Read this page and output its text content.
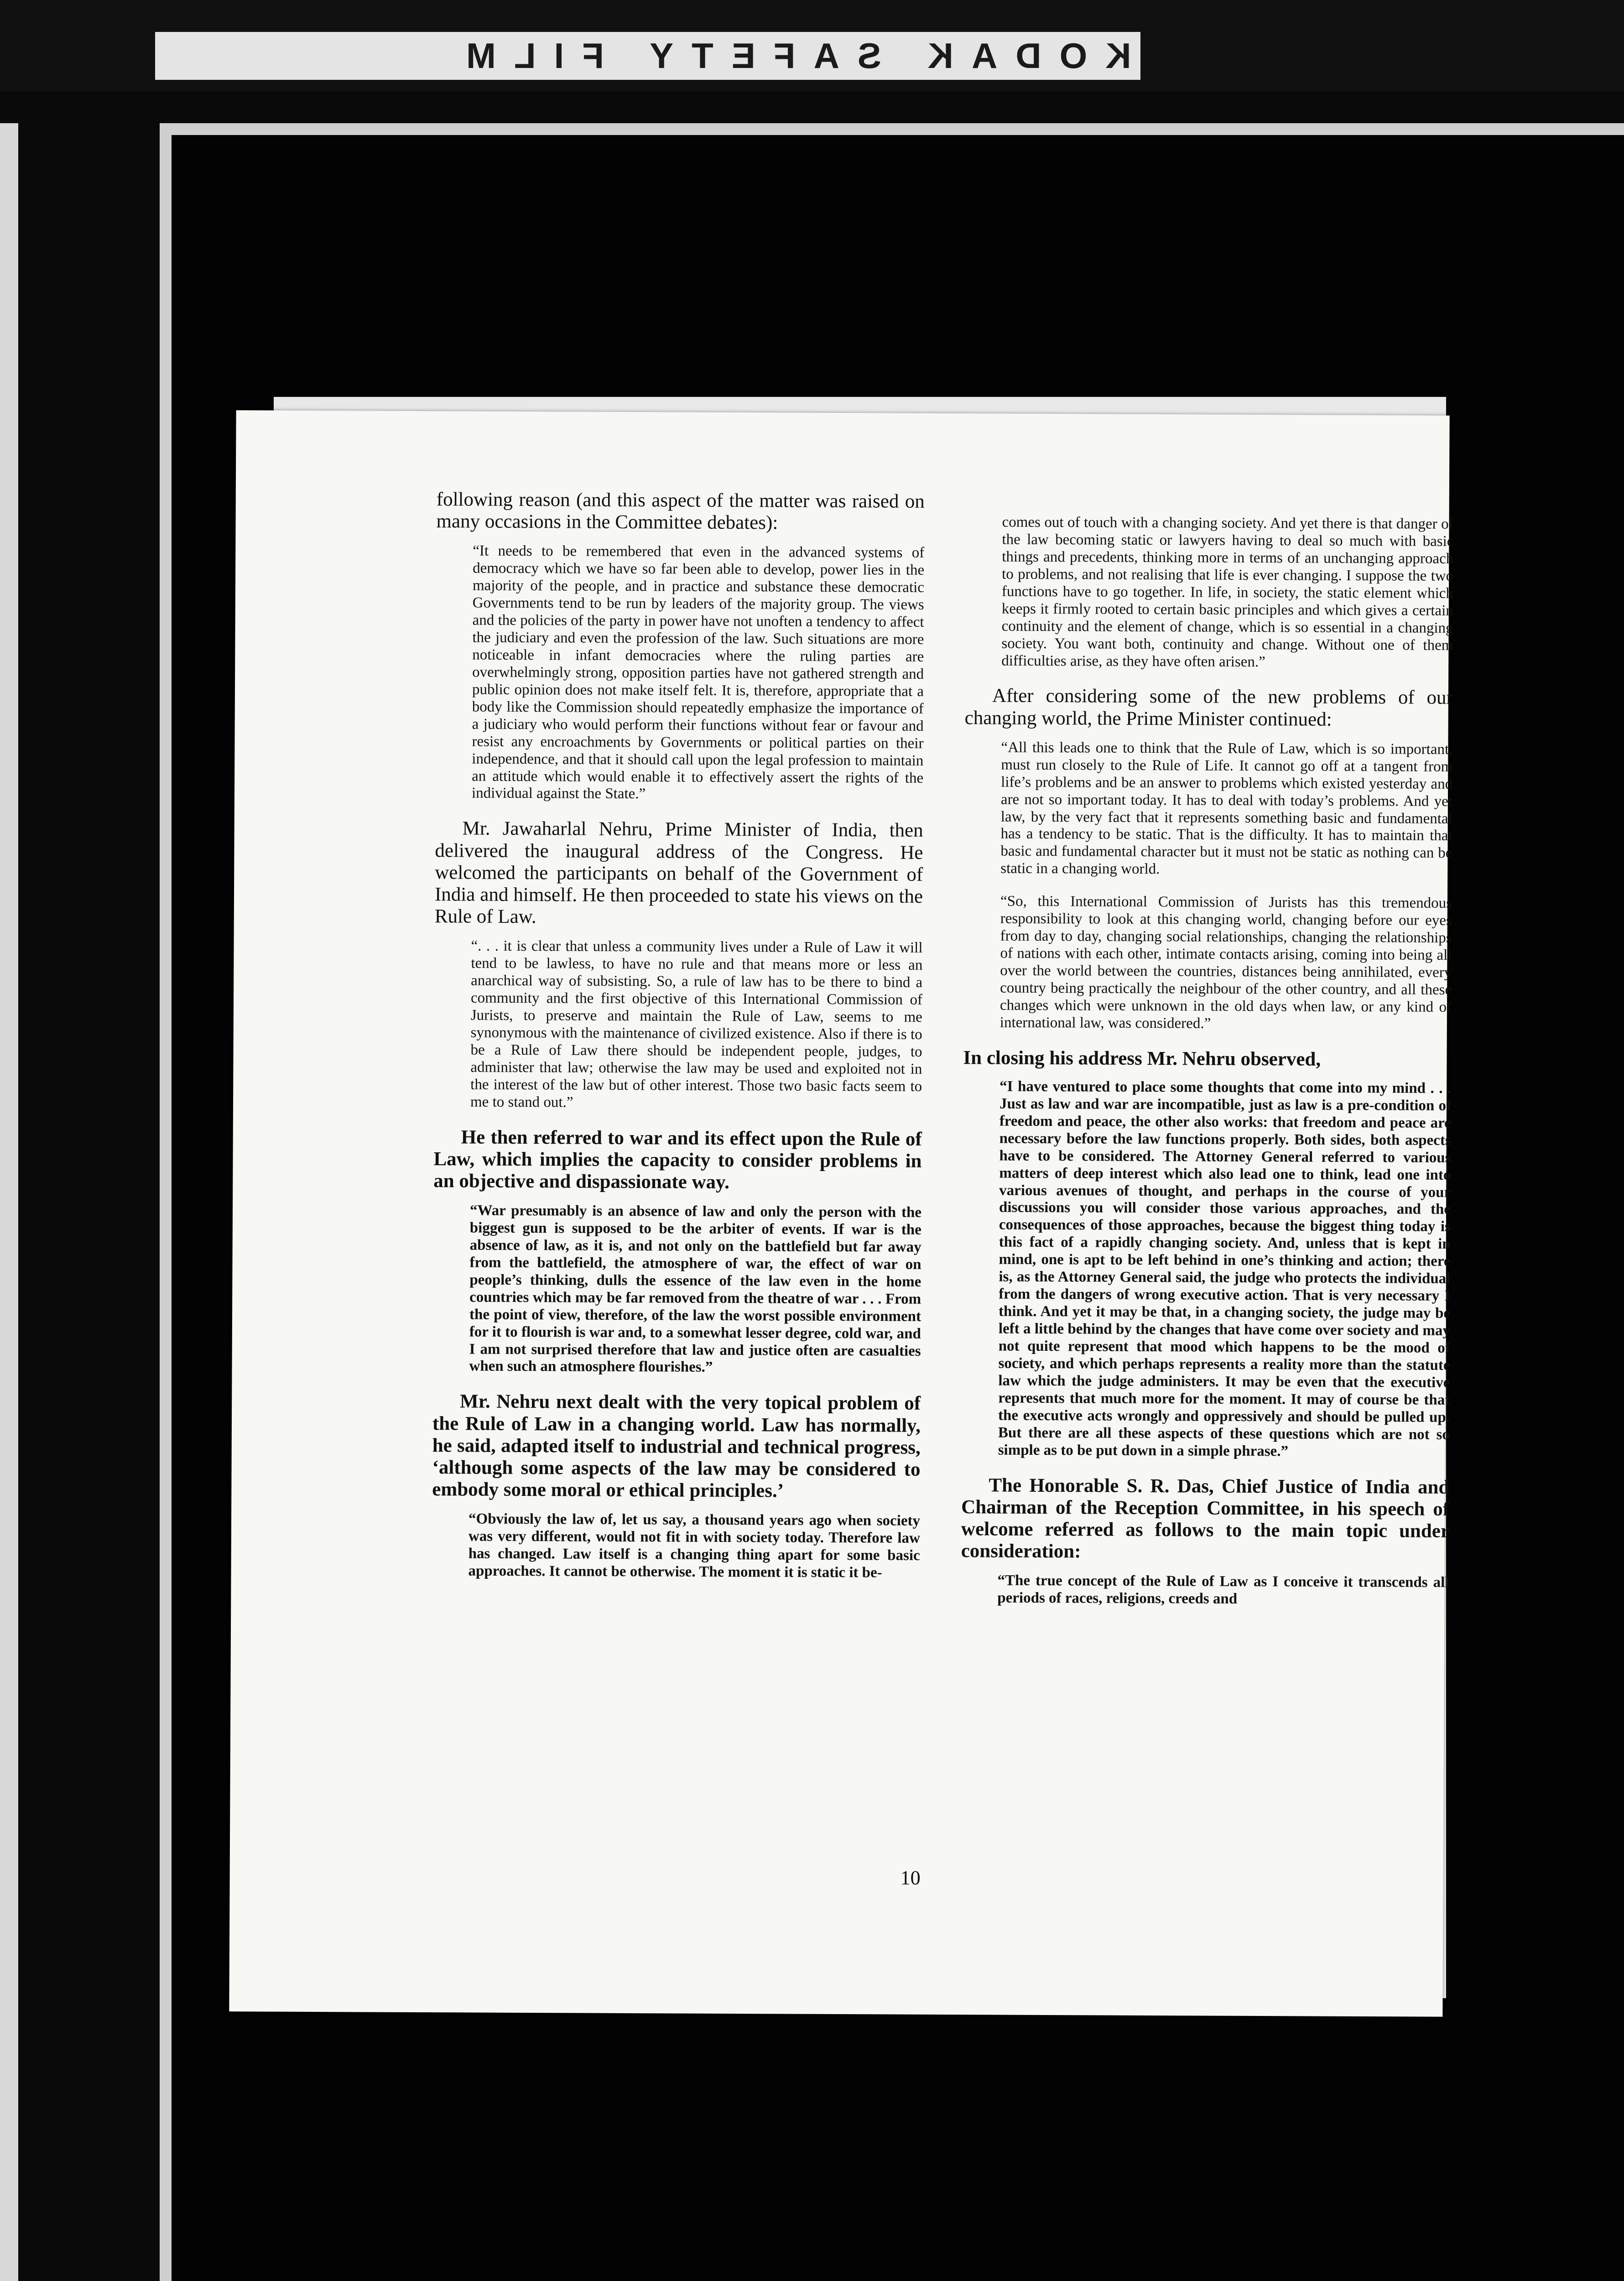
KODAK SAFETY FILM

following reason (and this aspect of the matter was raised on many occasions in the Committee debates):

“It needs to be remembered that even in the advanced systems of democracy which we have so far been able to develop, power lies in the majority of the people, and in practice and substance these democratic Governments tend to be run by leaders of the majority group. The views and the policies of the party in power have not unoften a tendency to affect the judiciary and even the profession of the law. Such situations are more noticeable in infant democracies where the ruling parties are overwhelmingly strong, opposition parties have not gathered strength and public opinion does not make itself felt. It is, therefore, appropriate that a body like the Commission should repeatedly emphasize the importance of a judiciary who would perform their functions without fear or favour and resist any encroachments by Governments or political parties on their independence, and that it should call upon the legal profession to maintain an attitude which would enable it to effectively assert the rights of the individual against the State.”

Mr. Jawaharlal Nehru, Prime Minister of India, then delivered the inaugural address of the Congress. He welcomed the participants on behalf of the Government of India and himself. He then proceeded to state his views on the Rule of Law.

“. . . it is clear that unless a community lives under a Rule of Law it will tend to be lawless, to have no rule and that means more or less an anarchical way of subsisting. So, a rule of law has to be there to bind a community and the first objective of this International Commission of Jurists, to preserve and maintain the Rule of Law, seems to me synonymous with the maintenance of civilized existence. Also if there is to be a Rule of Law there should be independent people, judges, to administer that law; otherwise the law may be used and exploited not in the interest of the law but of other interest. Those two basic facts seem to me to stand out.”

He then referred to war and its effect upon the Rule of Law, which implies the capacity to consider problems in an objective and dispassionate way.

“War presumably is an absence of law and only the person with the biggest gun is supposed to be the arbiter of events. If war is the absence of law, as it is, and not only on the battlefield but far away from the battlefield, the atmosphere of war, the effect of war on people’s thinking, dulls the essence of the law even in the home countries which may be far removed from the theatre of war . . . From the point of view, therefore, of the law the worst possible environment for it to flourish is war and, to a somewhat lesser degree, cold war, and I am not surprised therefore that law and justice often are casualties when such an atmosphere flourishes.”

Mr. Nehru next dealt with the very topical problem of the Rule of Law in a changing world. Law has normally, he said, adapted itself to industrial and technical progress, ‘although some aspects of the law may be considered to embody some moral or ethical principles.’

“Obviously the law of, let us say, a thousand years ago when society was very different, would not fit in with society today. Therefore law has changed. Law itself is a changing thing apart for some basic approaches. It cannot be otherwise. The moment it is static it be-

comes out of touch with a changing society. And yet there is that danger of the law becoming static or lawyers having to deal so much with basic things and precedents, thinking more in terms of an unchanging approach to problems, and not realising that life is ever changing. I suppose the two functions have to go together. In life, in society, the static element which keeps it firmly rooted to certain basic principles and which gives a certain continuity and the element of change, which is so essential in a changing society. You want both, continuity and change. Without one of them difficulties arise, as they have often arisen.”

After considering some of the new problems of our changing world, the Prime Minister continued:

“All this leads one to think that the Rule of Law, which is so important, must run closely to the Rule of Life. It cannot go off at a tangent from life’s problems and be an answer to problems which existed yesterday and are not so important today. It has to deal with today’s problems. And yet law, by the very fact that it represents something basic and fundamental has a tendency to be static. That is the difficulty. It has to maintain that basic and fundamental character but it must not be static as nothing can be static in a changing world.

“So, this International Commission of Jurists has this tremendous responsibility to look at this changing world, changing before our eyes from day to day, changing social relationships, changing the relationships of nations with each other, intimate contacts arising, coming into being all over the world between the countries, distances being annihilated, every country being practically the neighbour of the other country, and all these changes which were unknown in the old days when law, or any kind of international law, was considered.”

In closing his address Mr. Nehru observed,

“I have ventured to place some thoughts that come into my mind . . . Just as law and war are incompatible, just as law is a pre-condition of freedom and peace, the other also works: that freedom and peace are necessary before the law functions properly. Both sides, both aspects have to be considered. The Attorney General referred to various matters of deep interest which also lead one to think, lead one into various avenues of thought, and perhaps in the course of your discussions you will consider those various approaches, and the consequences of those approaches, because the biggest thing today is this fact of a rapidly changing society. And, unless that is kept in mind, one is apt to be left behind in one’s thinking and action; there is, as the Attorney General said, the judge who protects the individual from the dangers of wrong executive action. That is very necessary I think. And yet it may be that, in a changing society, the judge may be left a little behind by the changes that have come over society and may not quite represent that mood which happens to be the mood of society, and which perhaps represents a reality more than the statute law which the judge administers. It may be even that the executive represents that much more for the moment. It may of course be that the executive acts wrongly and oppressively and should be pulled up. But there are all these aspects of these questions which are not so simple as to be put down in a simple phrase.”

The Honorable S. R. Das, Chief Justice of India and Chairman of the Reception Committee, in his speech of welcome referred as follows to the main topic under consideration:

“The true concept of the Rule of Law as I conceive it transcends all periods of races, religions, creeds and

10
